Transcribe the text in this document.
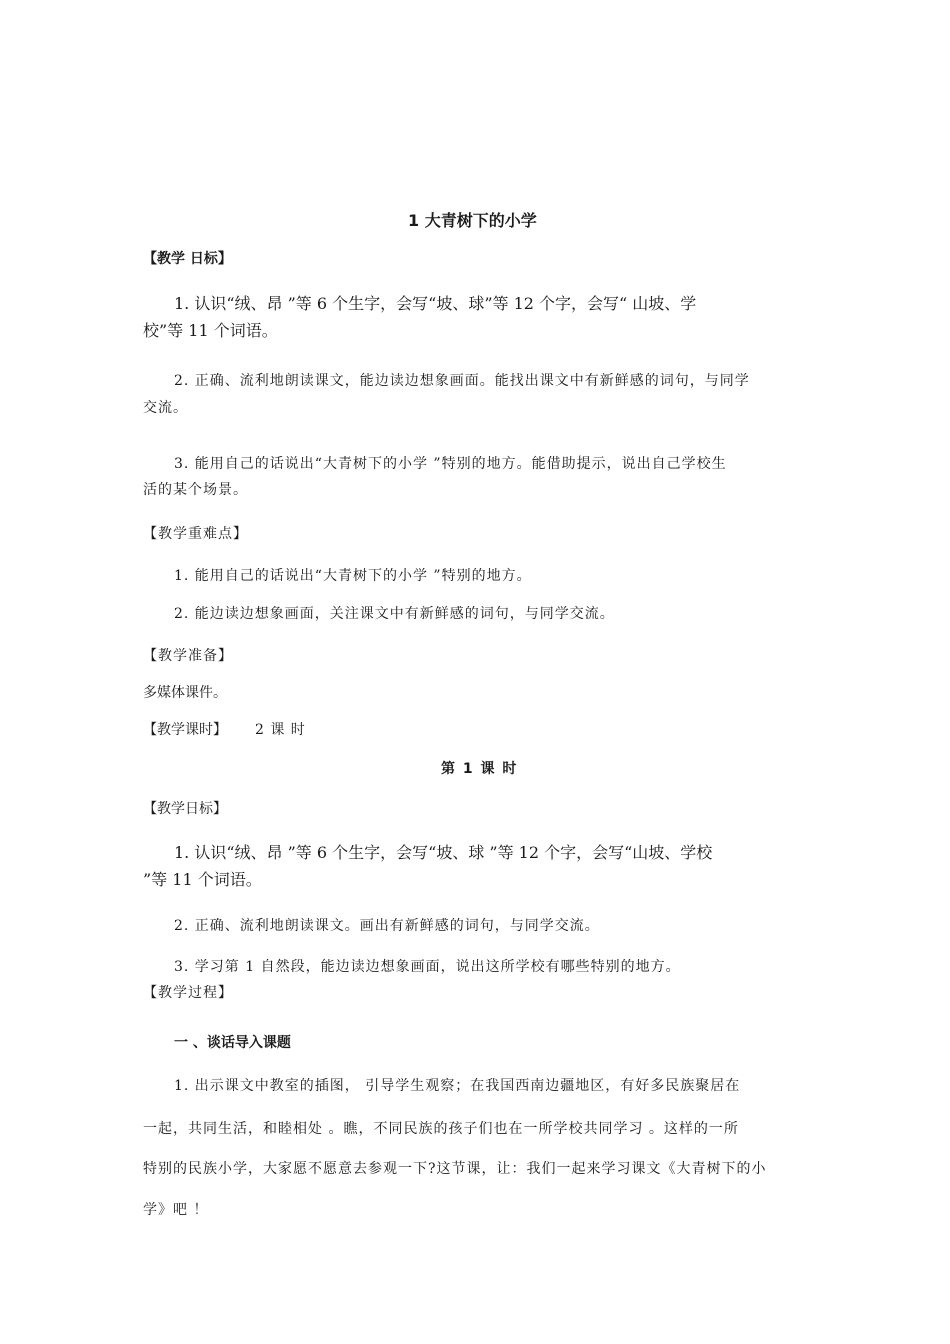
1 大青树下的小学
【教学 日标】
1. 认识“绒、昂 ”等 6 个生字，会写“坡、球”等 12 个字，会写“ 山坡、学
校”等 11 个词语。
2. 正确、流利地朗读课文，能边读边想象画面。能找出课文中有新鲜感的词句，与同学
交流。
3. 能用自己的话说出“大青树下的小学 ”特别的地方。能借助提示，说出自己学校生
活的某个场景。
【教学重难点】
1. 能用自己的话说出“大青树下的小学 ”特别的地方。
2. 能边读边想象画面，关注课文中有新鲜感的词句，与同学交流。
【教学准备】
多媒体课件。
【教学课时】 2 课 时
第 1 课 时
【教学日标】
1. 认识“绒、昂 ”等 6 个生字，会写“坡、球 ”等 12 个字，会写“山坡、学校
”等 11 个词语。
2. 正确、流利地朗读课文。画出有新鲜感的词句，与同学交流。
3. 学习第 1 自然段，能边读边想象画面，说出这所学校有哪些特别的地方。
【教学过程】
一 、谈话导入课题
1. 出示课文中教室的插图， 引导学生观察；在我国西南边疆地区，有好多民族聚居在
一起，共同生活，和睦相处 。瞧，不同民族的孩子们也在一所学校共同学习 。这样的一所
特别的民族小学，大家愿不愿意去参观一下?这节课，让：我们一起来学习课文《大青树下的小
学》吧 ！
